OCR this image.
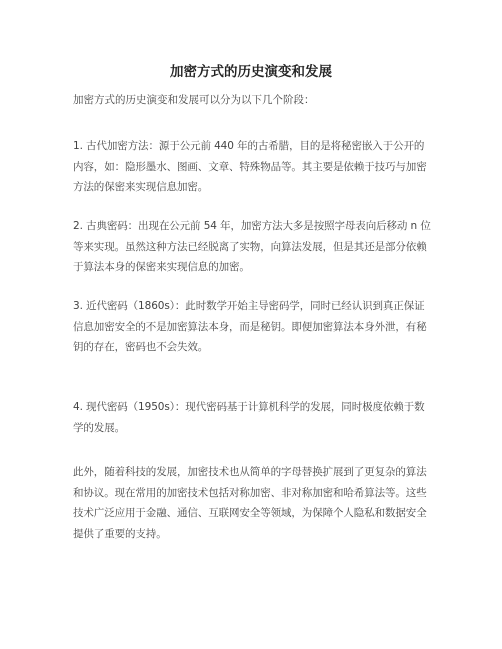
加密方式的历史演变和发展
加密方式的历史演变和发展可以分为以下几个阶段：
1. 古代加密方法：源于公元前 440 年的古希腊，目的是将秘密嵌入于公开的内容，如：隐形墨水、图画、文章、特殊物品等。其主要是依赖于技巧与加密方法的保密来实现信息加密。
2. 古典密码：出现在公元前 54 年，加密方法大多是按照字母表向后移动 n 位等来实现。虽然这种方法已经脱离了实物，向算法发展，但是其还是部分依赖于算法本身的保密来实现信息的加密。
3. 近代密码（1860s）：此时数学开始主导密码学，同时已经认识到真正保证信息加密安全的不是加密算法本身，而是秘钥。即便加密算法本身外泄，有秘钥的存在，密码也不会失效。
4. 现代密码（1950s）：现代密码基于计算机科学的发展，同时极度依赖于数学的发展。
此外，随着科技的发展，加密技术也从简单的字母替换扩展到了更复杂的算法和协议。现在常用的加密技术包括对称加密、非对称加密和哈希算法等。这些技术广泛应用于金融、通信、互联网安全等领域，为保障个人隐私和数据安全提供了重要的支持。
